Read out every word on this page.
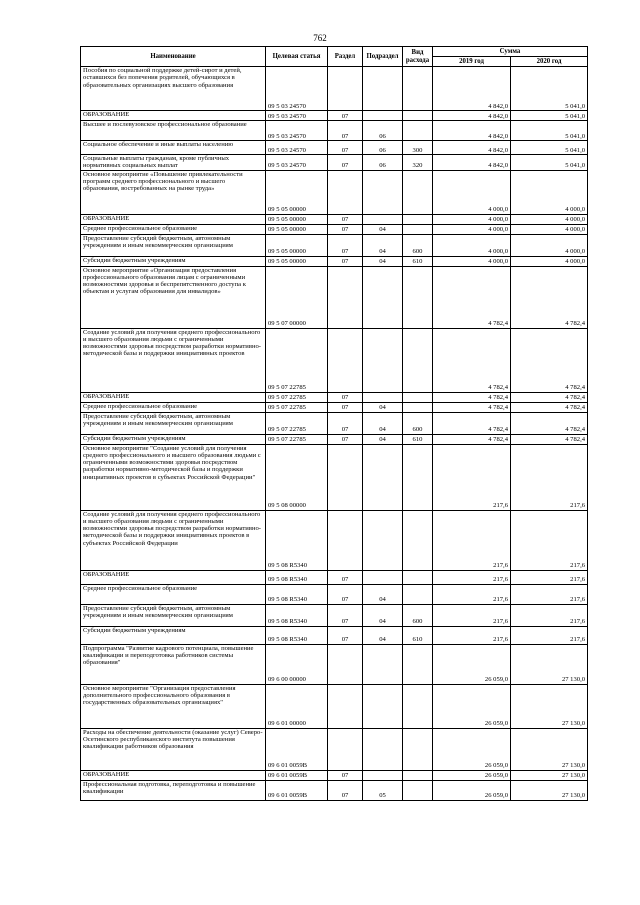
762
Наименование	Целевая статья	Раздел	Подраздел	Вид расхода	Сумма	
					2019 год	2020 год
Пособия по социальной поддержке детей-сирот и детей, оставшихся без попечения родителей, обучающихся в образовательных организациях высшего образования	09 5 03 24570				4 842,0	5 041,0
ОБРАЗОВАНИЕ	09 5 03 24570	07			4 842,0	5 041,0
Высшее и послевузовское профессиональное образование	09 5 03 24570	07	06		4 842,0	5 041,0
Социальное обеспечение и иные выплаты населению	09 5 03 24570	07	06	300	4 842,0	5 041,0
Социальные выплаты гражданам, кроме публичных нормативных социальных выплат	09 5 03 24570	07	06	320	4 842,0	5 041,0
Основное мероприятие «Повышение привлекательности программ среднего профессионального и высшего образования, востребованных на рынке труда»	09 5 05 00000				4 000,0	4 000,0
ОБРАЗОВАНИЕ	09 5 05 00000	07			4 000,0	4 000,0
Среднее профессиональное образование	09 5 05 00000	07	04		4 000,0	4 000,0
Предоставление субсидий бюджетным, автономным учреждениям и иным некоммерческим организациям	09 5 05 00000	07	04	600	4 000,0	4 000,0
Субсидии бюджетным учреждениям	09 5 05 00000	07	04	610	4 000,0	4 000,0
Основное мероприятие «Организация предоставления профессионального образования лицам с ограниченными возможностями здоровья и беспрепятственного доступа к объектам и услугам образования для инвалидов»	09 5 07 00000				4 782,4	4 782,4
Создание условий для получения среднего профессионального и высшего образования людьми с ограниченными возможностями здоровья посредством разработки нормативно-методической базы и поддержки инициативных проектов	09 5 07 22785				4 782,4	4 782,4
ОБРАЗОВАНИЕ	09 5 07 22785	07			4 782,4	4 782,4
Среднее профессиональное образование	09 5 07 22785	07	04		4 782,4	4 782,4
Предоставление субсидий бюджетным, автономным учреждениям и иным некоммерческим организациям	09 5 07 22785	07	04	600	4 782,4	4 782,4
Субсидии бюджетным учреждениям	09 5 07 22785	07	04	610	4 782,4	4 782,4
Основное мероприятие "Создание условий для получения среднего профессионального и высшего образования людьми с ограниченными возможностями здоровья посредством разработки нормативно-методической базы и поддержки инициативных проектов в субъектах Российской Федерации"	09 5 08 00000				217,6	217,6
Создание условий для получения среднего профессионального и высшего образования людьми с ограниченными возможностями здоровья посредством разработки нормативно-методической базы и поддержки инициативных проектов в субъектах Российской Федерации	09 5 08 R5340				217,6	217,6
ОБРАЗОВАНИЕ	09 5 08 R5340	07			217,6	217,6
Среднее профессиональное образование	09 5 08 R5340	07	04		217,6	217,6
Предоставление субсидий бюджетным, автономным учреждениям и иным некоммерческим организациям	09 5 08 R5340	07	04	600	217,6	217,6
Субсидии бюджетным учреждениям	09 5 08 R5340	07	04	610	217,6	217,6
Подпрограмма "Развитие кадрового потенциала, повышение квалификации и переподготовка работников системы образования"	09 6 00 00000				26 059,0	27 130,0
Основное мероприятие "Организация предоставления дополнительного профессионального образования в государственных образовательных организациях"	09 6 01 00000				26 059,0	27 130,0
Расходы на обеспечение деятельности (оказание услуг) Северо-Осетинского республиканского института повышения квалификации работников образования	09 6 01 0059В				26 059,0	27 130,0
ОБРАЗОВАНИЕ	09 6 01 0059В	07			26 059,0	27 130,0
Профессиональная подготовка, переподготовка и повышение квалификации	09 6 01 0059В	07	05		26 059,0	27 130,0
